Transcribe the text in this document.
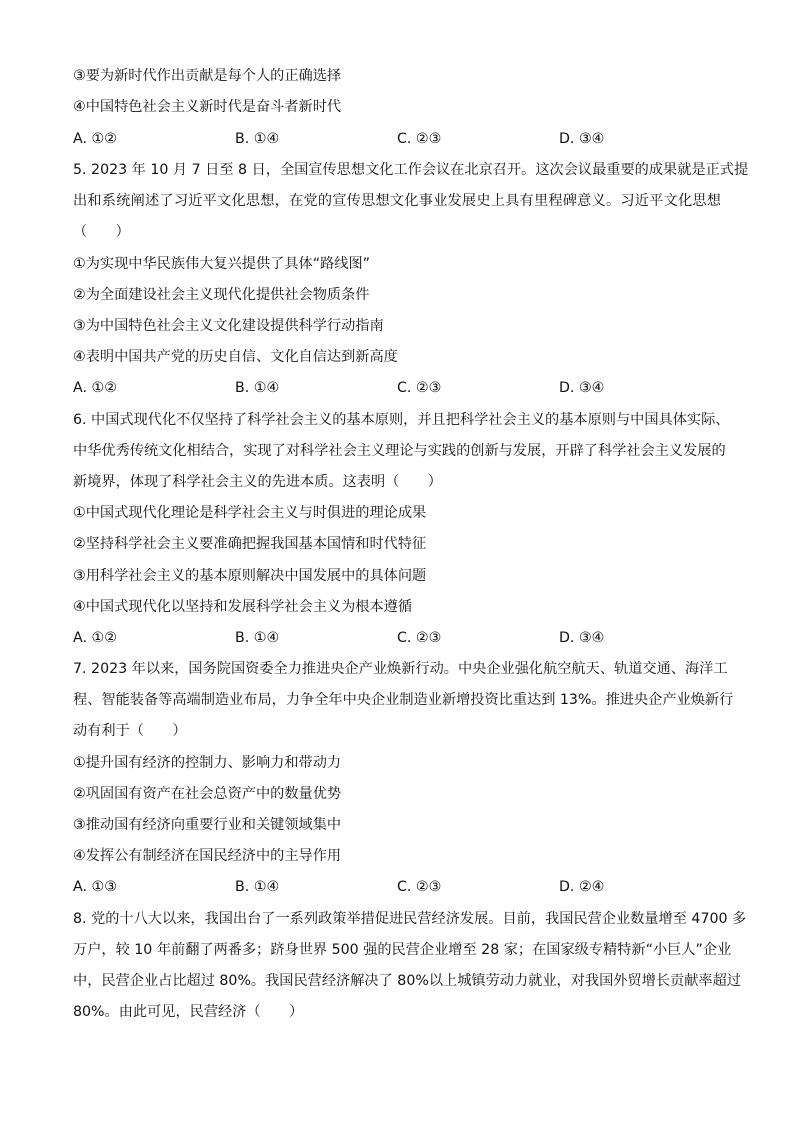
③要为新时代作出贡献是每个人的正确选择
④中国特色社会主义新时代是奋斗者新时代
A. ①②	B. ①④	C. ②③	D. ③④
5. 2023 年 10 月 7 日至 8 日，全国宣传思想文化工作会议在北京召开。这次会议最重要的成果就是正式提
出和系统阐述了习近平文化思想，在党的宣传思想文化事业发展史上具有里程碑意义。习近平文化思想
（　　）
①为实现中华民族伟大复兴提供了具体“路线图”
②为全面建设社会主义现代化提供社会物质条件
③为中国特色社会主义文化建设提供科学行动指南
④表明中国共产党的历史自信、文化自信达到新高度
A. ①②	B. ①④	C. ②③	D. ③④
6. 中国式现代化不仅坚持了科学社会主义的基本原则，并且把科学社会主义的基本原则与中国具体实际、
中华优秀传统文化相结合，实现了对科学社会主义理论与实践的创新与发展，开辟了科学社会主义发展的
新境界，体现了科学社会主义的先进本质。这表明（　　）
①中国式现代化理论是科学社会主义与时俱进的理论成果
②坚持科学社会主义要准确把握我国基本国情和时代特征
③用科学社会主义的基本原则解决中国发展中的具体问题
④中国式现代化以坚持和发展科学社会主义为根本遵循
A. ①②	B. ①④	C. ②③	D. ③④
7. 2023 年以来，国务院国资委全力推进央企产业焕新行动。中央企业强化航空航天、轨道交通、海洋工
程、智能装备等高端制造业布局，力争全年中央企业制造业新增投资比重达到 13%。推进央企产业焕新行
动有利于（　　）
①提升国有经济的控制力、影响力和带动力
②巩固国有资产在社会总资产中的数量优势
③推动国有经济向重要行业和关键领域集中
④发挥公有制经济在国民经济中的主导作用
A. ①③	B. ①④	C. ②③	D. ②④
8. 党的十八大以来，我国出台了一系列政策举措促进民营经济发展。目前，我国民营企业数量增至 4700 多
万户，较 10 年前翻了两番多；跻身世界 500 强的民营企业增至 28 家；在国家级专精特新“小巨人”企业
中，民营企业占比超过 80%。我国民营经济解决了 80%以上城镇劳动力就业，对我国外贸增长贡献率超过
80%。由此可见，民营经济（　　）
